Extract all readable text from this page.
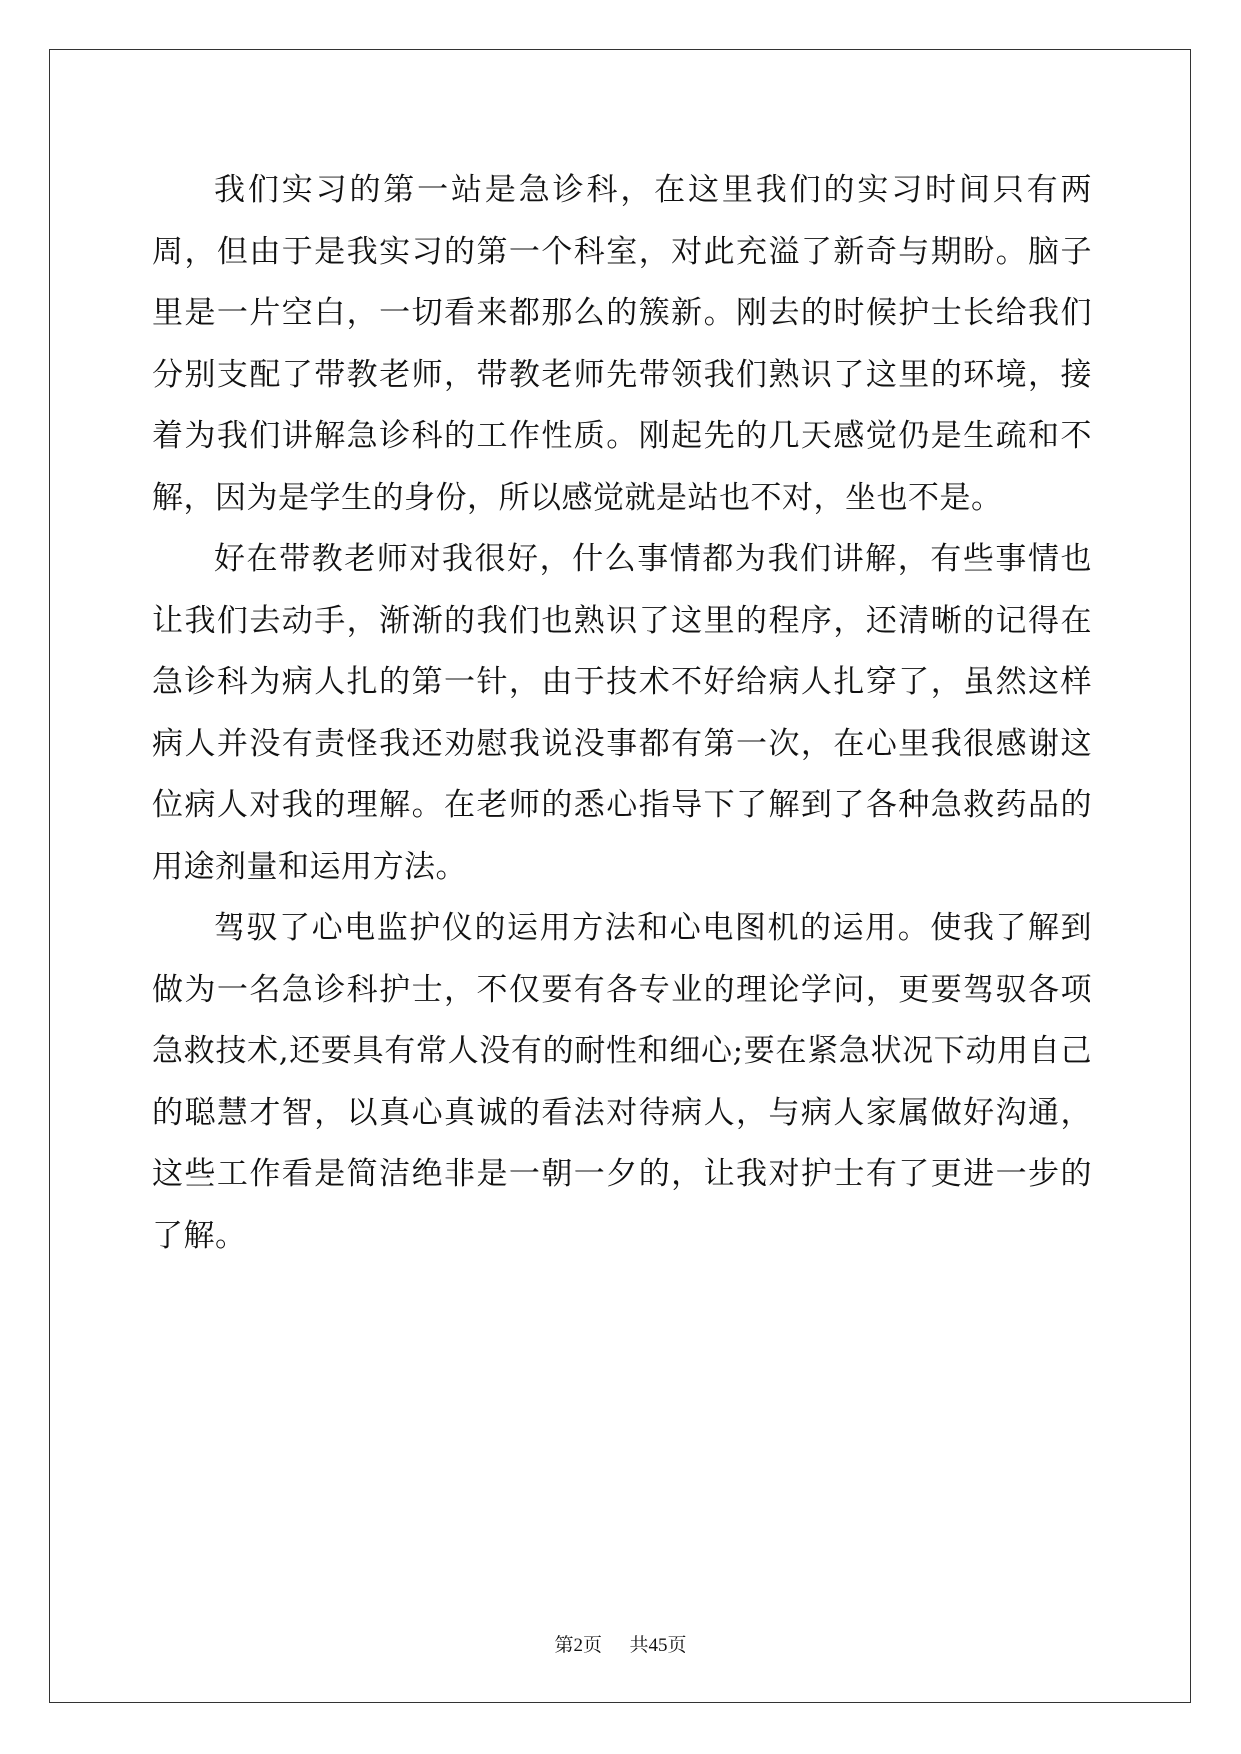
我们实习的第一站是急诊科，在这里我们的实习时间只有两周，但由于是我实习的第一个科室，对此充溢了新奇与期盼。脑子里是一片空白，一切看来都那么的簇新。刚去的时候护士长给我们分别支配了带教老师，带教老师先带领我们熟识了这里的环境，接着为我们讲解急诊科的工作性质。刚起先的几天感觉仍是生疏和不解，因为是学生的身份，所以感觉就是站也不对，坐也不是。

好在带教老师对我很好，什么事情都为我们讲解，有些事情也让我们去动手，渐渐的我们也熟识了这里的程序，还清晰的记得在急诊科为病人扎的第一针，由于技术不好给病人扎穿了，虽然这样病人并没有责怪我还劝慰我说没事都有第一次，在心里我很感谢这位病人对我的理解。在老师的悉心指导下了解到了各种急救药品的用途剂量和运用方法。

驾驭了心电监护仪的运用方法和心电图机的运用。使我了解到做为一名急诊科护士，不仅要有各专业的理论学问，更要驾驭各项急救技术,还要具有常人没有的耐性和细心;要在紧急状况下动用自己的聪慧才智，以真心真诚的看法对待病人，与病人家属做好沟通，这些工作看是简洁绝非是一朝一夕的，让我对护士有了更进一步的了解。

第2页 共45页
